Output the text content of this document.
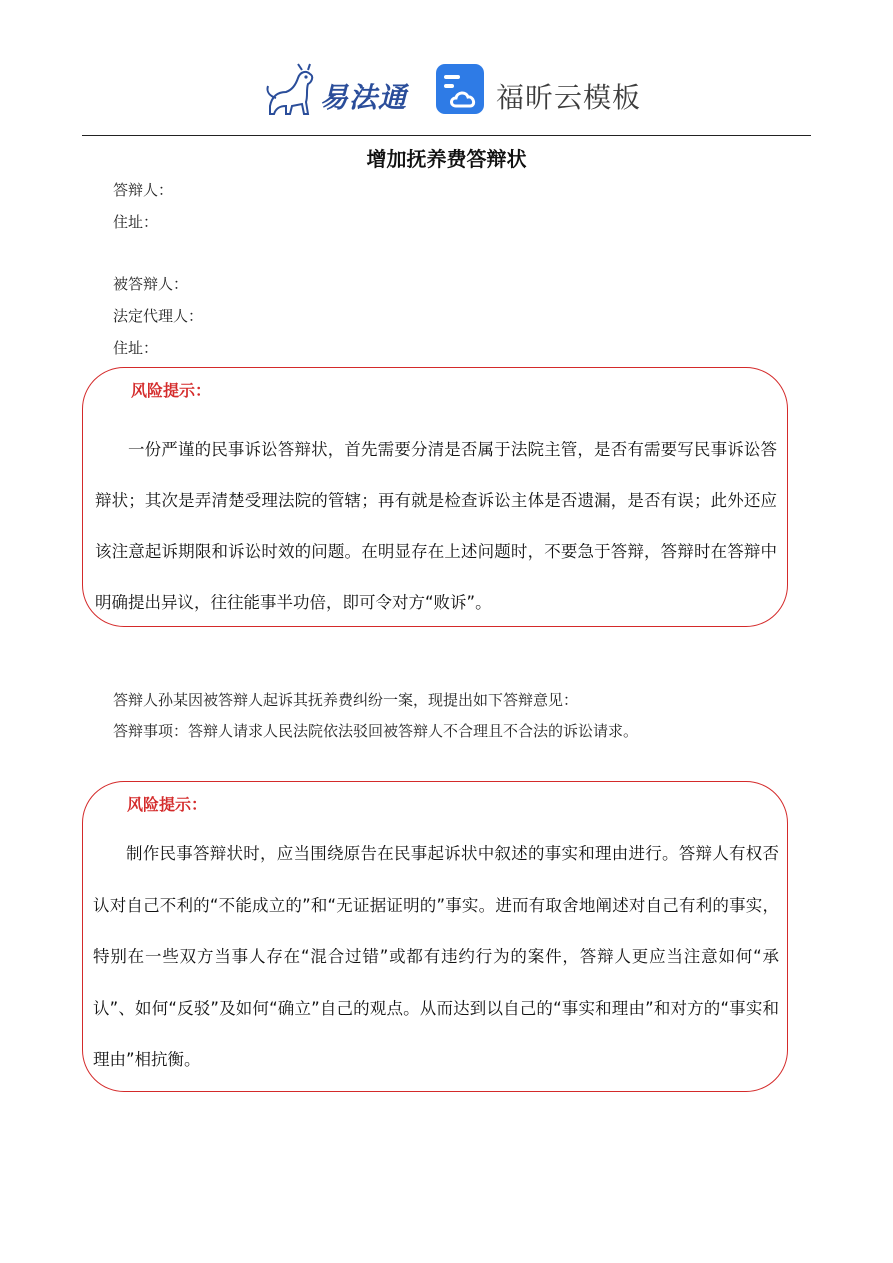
易法通	福昕云模板
增加抚养费答辩状
答辩人：
住址：
被答辩人：
法定代理人：
住址：
风险提示：
一份严谨的民事诉讼答辩状，首先需要分清是否属于法院主管，是否有需要写民事诉讼答辩状；其次是弄清楚受理法院的管辖；再有就是检查诉讼主体是否遗漏，是否有误；此外还应该注意起诉期限和诉讼时效的问题。在明显存在上述问题时，不要急于答辩，答辩时在答辩中明确提出异议，往往能事半功倍，即可令对方“败诉”。
答辩人孙某因被答辩人起诉其抚养费纠纷一案，现提出如下答辩意见：
答辩事项：答辩人请求人民法院依法驳回被答辩人不合理且不合法的诉讼请求。
风险提示：
制作民事答辩状时，应当围绕原告在民事起诉状中叙述的事实和理由进行。答辩人有权否认对自己不利的“不能成立的”和“无证据证明的”事实。进而有取舍地阐述对自己有利的事实，特别在一些双方当事人存在“混合过错”或都有违约行为的案件，答辩人更应当注意如何“承认”、如何“反驳”及如何“确立”自己的观点。从而达到以自己的“事实和理由”和对方的“事实和理由”相抗衡。
